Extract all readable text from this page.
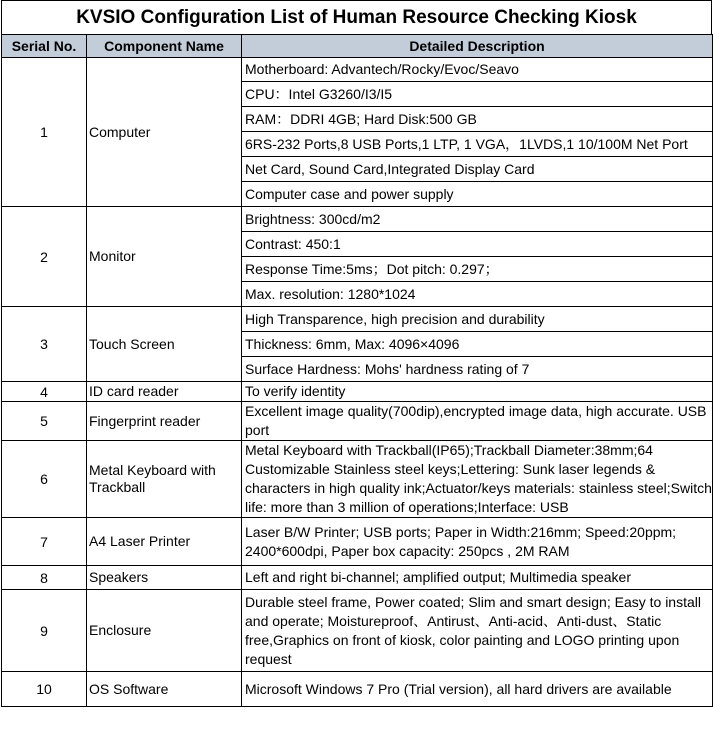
KVSIO Configuration List of Human Resource Checking Kiosk
Serial No.	Component Name	Detailed Description
1	Computer	Motherboard: Advantech/Rocky/Evoc/Seavo
		CPU：Intel G3260/I3/I5
		RAM：DDRI 4GB; Hard Disk:500 GB
		6RS-232 Ports,8 USB Ports,1 LTP, 1 VGA，1LVDS,1 10/100M Net Port
		Net Card, Sound Card,Integrated Display Card
		Computer case and power supply
2	Monitor	Brightness: 300cd/m2
		Contrast: 450:1
		Response Time:5ms；Dot pitch: 0.297；
		Max. resolution: 1280*1024
3	Touch Screen	High Transparence, high precision and durability
		Thickness: 6mm, Max: 4096×4096
		Surface Hardness: Mohs' hardness rating of 7
4	ID card reader	To verify identity
5	Fingerprint reader	Excellent image quality(700dip),encrypted image data, high accurate. USB port
6	Metal Keyboard with Trackball	Metal Keyboard with Trackball(IP65);Trackball Diameter:38mm;64 Customizable Stainless steel keys;Lettering: Sunk laser legends & characters in high quality ink;Actuator/keys materials: stainless steel;Switch life: more than 3 million of operations;Interface: USB
7	A4 Laser Printer	Laser B/W Printer; USB ports; Paper in Width:216mm; Speed:20ppm; 2400*600dpi, Paper box capacity: 250pcs , 2M RAM
8	Speakers	Left and right bi-channel; amplified output; Multimedia speaker
9	Enclosure	Durable steel frame, Power coated; Slim and smart design; Easy to install and operate; Moistureproof、Antirust、Anti-acid、Anti-dust、Static free,Graphics on front of kiosk, color painting and LOGO printing upon request
10	OS Software	Microsoft Windows 7 Pro (Trial version), all hard drivers are available
